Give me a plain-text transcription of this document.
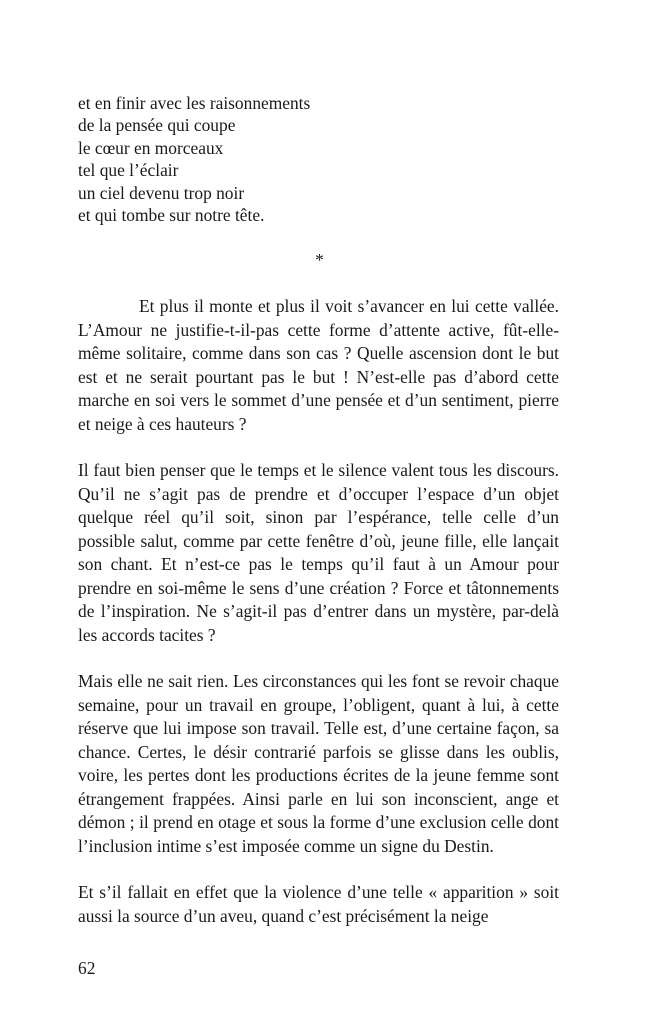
et en finir avec les raisonnements
de la pensée qui coupe
le cœur en morceaux
tel que l’éclair
un ciel devenu trop noir
et qui tombe sur notre tête.
*

Et plus il monte et plus il voit s’avancer en lui cette vallée. L’Amour ne justifie-t-il-pas cette forme d’attente active, fût-elle-même solitaire, comme dans son cas ? Quelle ascension dont le but est et ne serait pourtant pas le but ! N’est-elle pas d’abord cette marche en soi vers le sommet d’une pensée et d’un sentiment, pierre et neige à ces hauteurs ?

Il faut bien penser que le temps et le silence valent tous les discours. Qu’il ne s’agit pas de prendre et d’occuper l’espace d’un objet quelque réel qu’il soit, sinon par l’espérance, telle celle d’un possible salut, comme par cette fenêtre d’où, jeune fille, elle lançait son chant. Et n’est-ce pas le temps qu’il faut à un Amour pour prendre en soi-même le sens d’une création ? Force et tâtonnements de l’inspiration. Ne s’agit-il pas d’entrer dans un mystère, par-delà les accords tacites ?

Mais elle ne sait rien. Les circonstances qui les font se revoir chaque semaine, pour un travail en groupe, l’obligent, quant à lui, à cette réserve que lui impose son travail. Telle est, d’une certaine façon, sa chance. Certes, le désir contrarié parfois se glisse dans les oublis, voire, les pertes dont les productions écrites de la jeune femme sont étrangement frappées. Ainsi parle en lui son inconscient, ange et démon ; il prend en otage et sous la forme d’une exclusion celle dont l’inclusion intime s’est imposée comme un signe du Destin.

Et s’il fallait en effet que la violence d’une telle « apparition » soit aussi la source d’un aveu, quand c’est précisément la neige

62
